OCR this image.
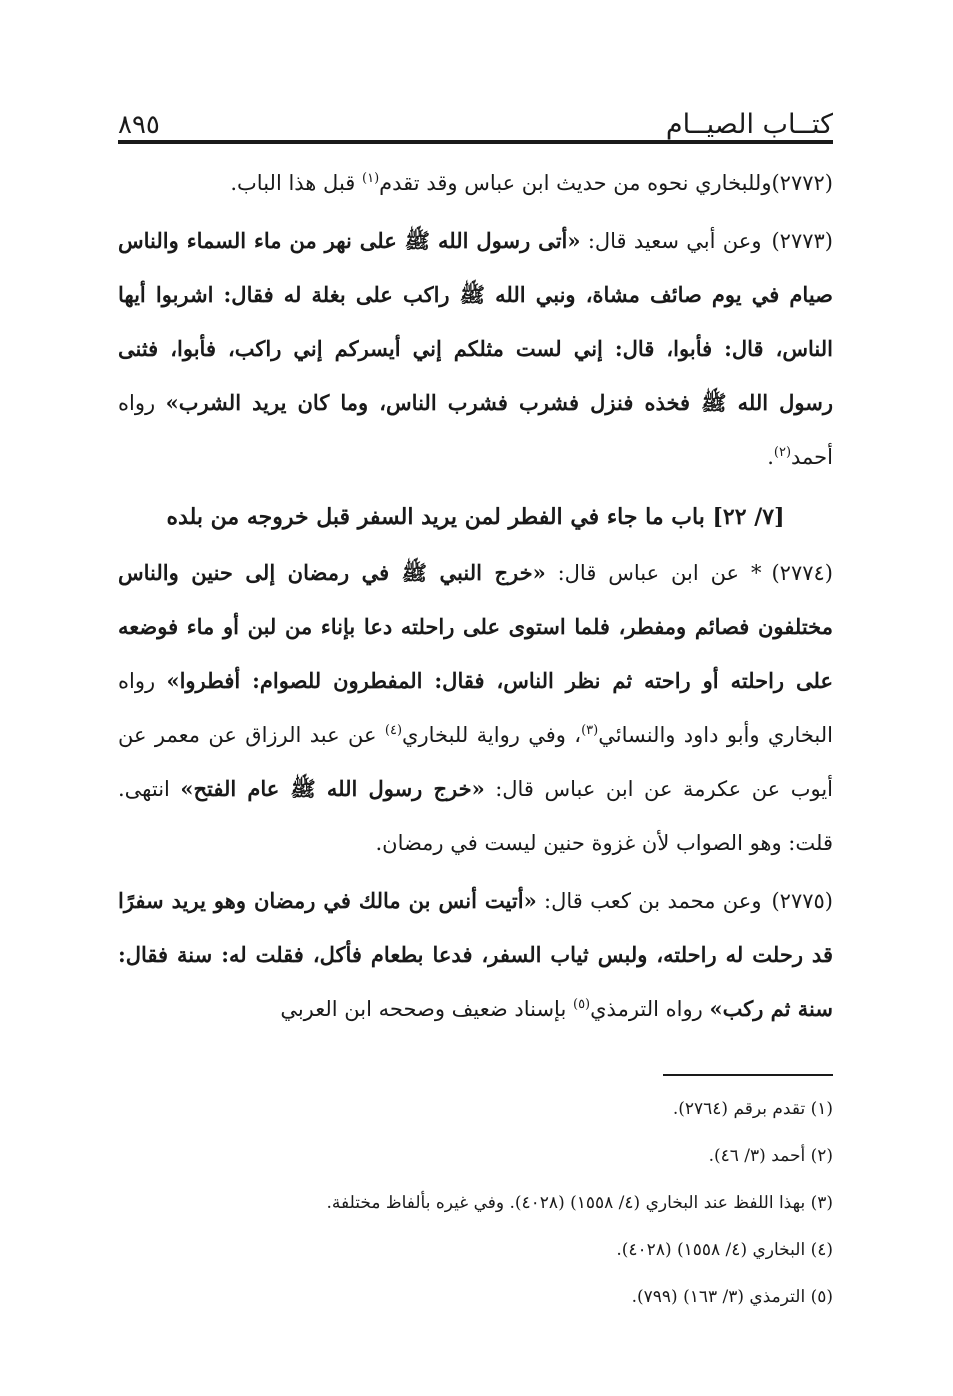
كتــاب الصيــام
٨٩٥

(٢٧٧٢)وللبخاري نحوه من حديث ابن عباس وقد تقدم$^{(١)}$ قبل هذا الباب.

(٢٧٧٣)وعن أبي سعيد قال: «أتى رسول الله ﷺ على نهر من ماء السماء والناس صيام في يوم صائف مشاة، ونبي الله ﷺ راكب على بغلة له فقال: اشربوا أيها الناس، قال: فأبوا، قال: إني لست مثلكم إني أيسركم إني راكب، فأبوا، فثنى رسول الله ﷺ فخذه فنزل فشرب فشرب الناس، وما كان يريد الشرب» رواه أحمد$^{(٢)}$.

[٧/ ٢٢] باب ما جاء في الفطر لمن يريد السفر قبل خروجه من بلده

(٢٧٧٤)* عن ابن عباس قال: «خرج النبي ﷺ في رمضان إلى حنين والناس مختلفون فصائم ومفطر، فلما استوى على راحلته دعا بإناء من لبن أو ماء فوضعه على راحلته أو راحته ثم نظر الناس، فقال: المفطرون للصوام: أفطروا» رواه البخاري وأبو داود والنسائي$^{(٣)}$، وفي رواية للبخاري$^{(٤)}$ عن عبد الرزاق عن معمر عن أيوب عن عكرمة عن ابن عباس قال: «خرج رسول الله ﷺ عام الفتح» انتهى. قلت: وهو الصواب لأن غزوة حنين ليست في رمضان.

(٢٧٧٥)وعن محمد بن كعب قال: «أتيت أنس بن مالك في رمضان وهو يريد سفرًا قد رحلت له راحلته، ولبس ثياب السفر، فدعا بطعام فأكل، فقلت له: سنة فقال: سنة ثم ركب» رواه الترمذي$^{(٥)}$ بإسناد ضعيف وصححه ابن العربي

(١) تقدم برقم (٢٧٦٤).

(٢) أحمد (٣/ ٤٦).

(٣) بهذا اللفظ عند البخاري (٤/ ١٥٥٨) (٤٠٢٨). وفي غيره بألفاظ مختلفة.

(٤) البخاري (٤/ ١٥٥٨) (٤٠٢٨).

(٥) الترمذي (٣/ ١٦٣) (٧٩٩).
